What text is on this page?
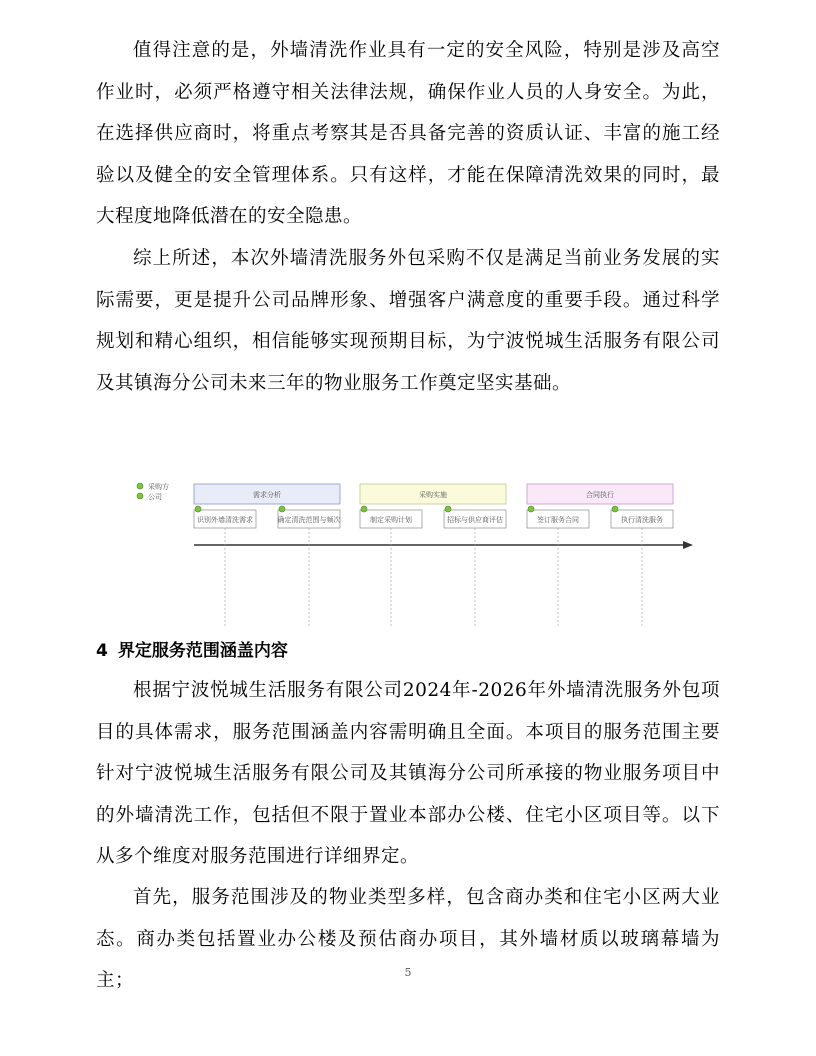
值得注意的是，外墙清洗作业具有一定的安全风险，特别是涉及高空作业时，必须严格遵守相关法律法规，确保作业人员的人身安全。为此，在选择供应商时，将重点考察其是否具备完善的资质认证、丰富的施工经验以及健全的安全管理体系。只有这样，才能在保障清洗效果的同时，最大程度地降低潜在的安全隐患。

综上所述，本次外墙清洗服务外包采购不仅是满足当前业务发展的实际需要，更是提升公司品牌形象、增强客户满意度的重要手段。通过科学规划和精心组织，相信能够实现预期目标，为宁波悦城生活服务有限公司及其镇海分公司未来三年的物业服务工作奠定坚实基础。

采购方
公司	需求分析
识别外墙清洗需求	确定清洗范围与频次
采购实施
制定采购计划	招标与供应商评估
合同执行
签订服务合同	执行清洗服务
4 界定服务范围涵盖内容

根据宁波悦城生活服务有限公司2024年-2026年外墙清洗服务外包项目的具体需求，服务范围涵盖内容需明确且全面。本项目的服务范围主要针对宁波悦城生活服务有限公司及其镇海分公司所承接的物业服务项目中的外墙清洗工作，包括但不限于置业本部办公楼、住宅小区项目等。以下从多个维度对服务范围进行详细界定。

首先，服务范围涉及的物业类型多样，包含商办类和住宅小区两大业态。商办类包括置业办公楼及预估商办项目，其外墙材质以玻璃幕墙为主；	5
